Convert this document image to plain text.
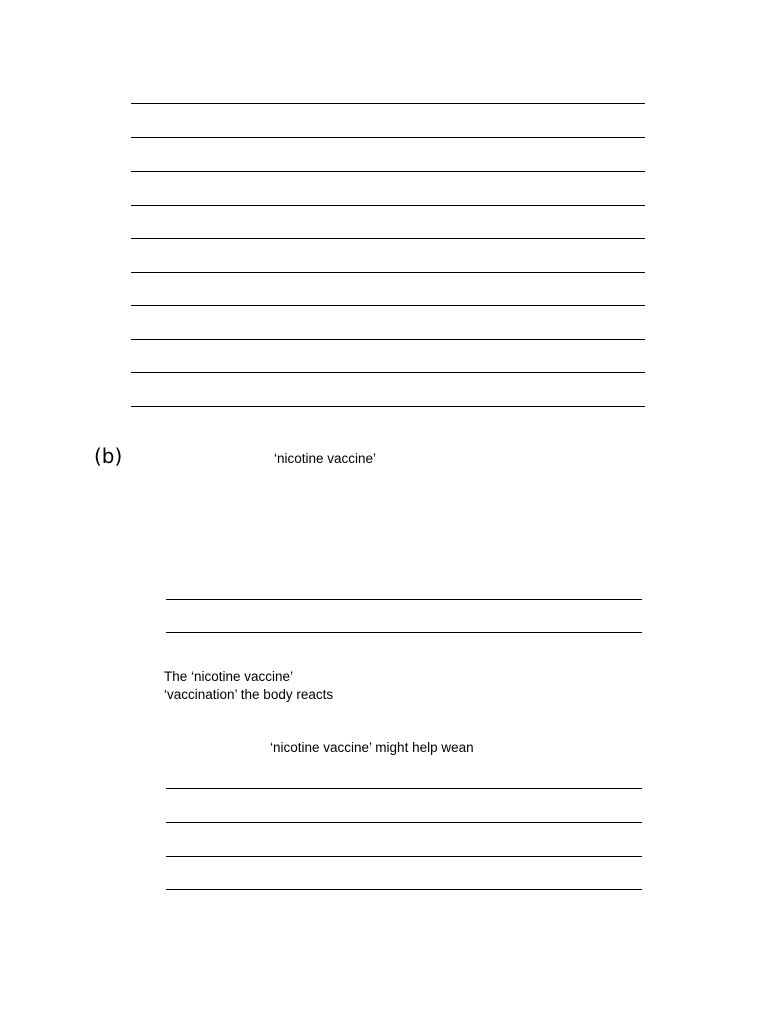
(b)	‘nicotine vaccine’
The ‘nicotine vaccine’
‘vaccination’ the body reacts
‘nicotine vaccine’ might help wean
